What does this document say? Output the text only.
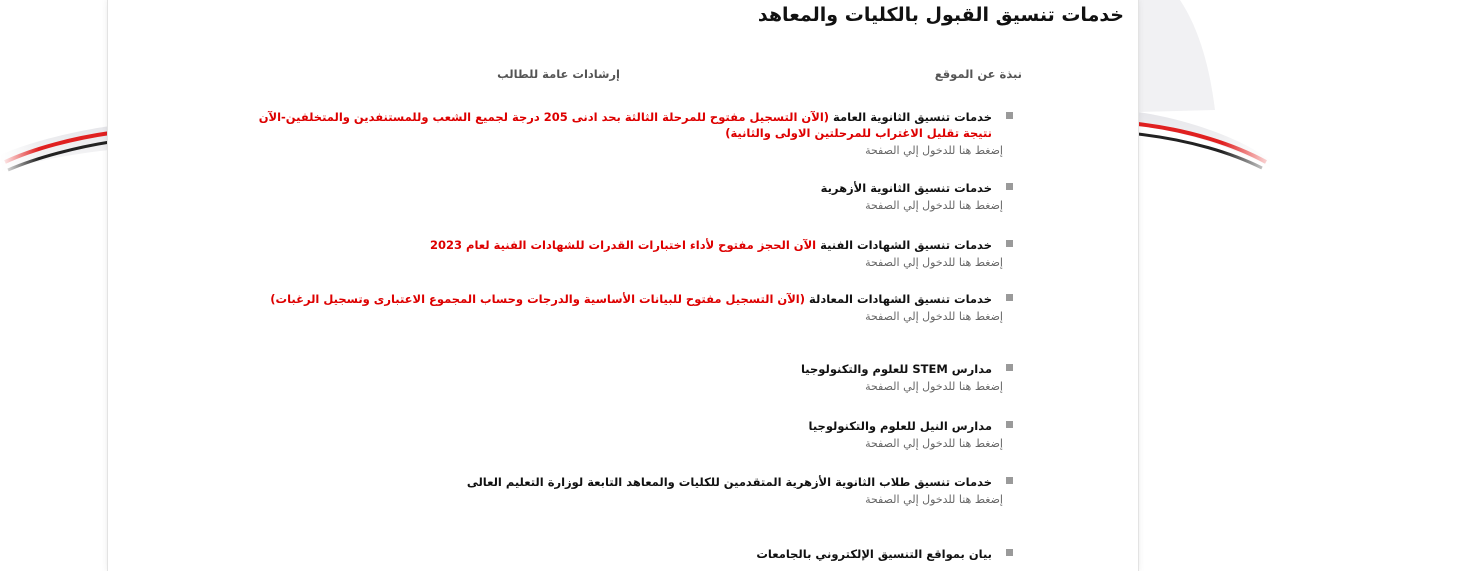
خدمات تنسيق القبول بالكليات والمعاهد
نبذة عن الموقع
إرشادات عامة للطالب
خدمات تنسيق الثانوية العامة (الآن التسجيل مفتوح للمرحلة الثالثة بحد ادنى 205 درجة لجميع الشعب وللمستنفدين والمتخلفين-الآن نتيجة تقليل الاغتراب للمرحلتين الاولى والثانية)
إضغط هنا للدخول إلي الصفحة
خدمات تنسيق الثانوية الأزهرية
إضغط هنا للدخول إلي الصفحة
خدمات تنسيق الشهادات الفنية الآن الحجز مفتوح لأداء اختبارات القدرات للشهادات الفنية لعام 2023
إضغط هنا للدخول إلي الصفحة
خدمات تنسيق الشهادات المعادلة (الآن التسجيل مفتوح للبيانات الأساسية والدرجات وحساب المجموع الاعتبارى وتسجيل الرغبات)
إضغط هنا للدخول إلي الصفحة
مدارس STEM للعلوم والتكنولوجيا
إضغط هنا للدخول إلي الصفحة
مدارس النيل للعلوم والتكنولوجيا
إضغط هنا للدخول إلي الصفحة
خدمات تنسيق طلاب الثانوية الأزهرية المتقدمين للكليات والمعاهد التابعة لوزارة التعليم العالى
إضغط هنا للدخول إلي الصفحة
بيان بمواقع التنسيق الإلكتروني بالجامعات
